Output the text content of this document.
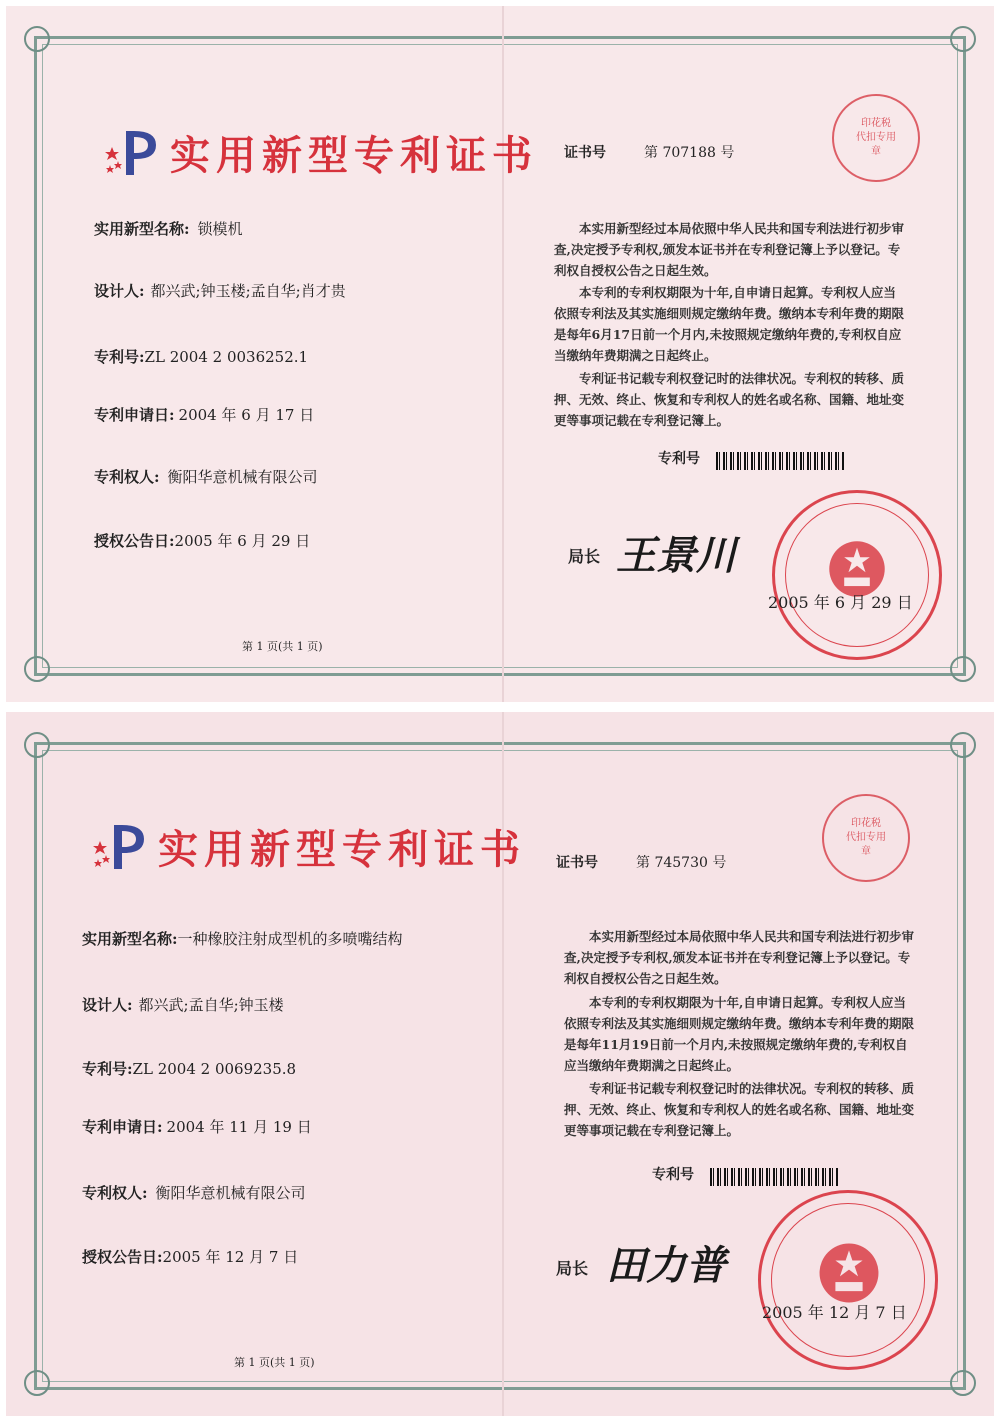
实用新型专利证书
实用新型名称: 锁模机
设计人: 都兴武;钟玉楼;孟自华;肖才贵
专利号:ZL 2004 2 0036252.1
专利申请日: 2004 年 6 月 17 日
专利权人: 衡阳华意机械有限公司
授权公告日:2005 年 6 月 29 日
第 1 页(共 1 页)
证书号	第 707188 号
印花税 代扣专用章
本实用新型经过本局依照中华人民共和国专利法进行初步审查,决定授予专利权,颁发本证书并在专利登记簿上予以登记。专利权自授权公告之日起生效。
本专利的专利权期限为十年,自申请日起算。专利权人应当依照专利法及其实施细则规定缴纳年费。缴纳本专利年费的期限是每年6月17日前一个月内,未按照规定缴纳年费的,专利权自应当缴纳年费期满之日起终止。
专利证书记载专利权登记时的法律状况。专利权的转移、质押、无效、终止、恢复和专利权人的姓名或名称、国籍、地址变更等事项记载在专利登记簿上。
专利号
局长 王景川
2005 年 6 月 29 日
实用新型专利证书
实用新型名称:一种橡胶注射成型机的多喷嘴结构
设计人: 都兴武;孟自华;钟玉楼
专利号:ZL 2004 2 0069235.8
专利申请日: 2004 年 11 月 19 日
专利权人: 衡阳华意机械有限公司
授权公告日:2005 年 12 月 7 日
第 1 页(共 1 页)
证书号	第 745730 号
印花税 代扣专用章
本实用新型经过本局依照中华人民共和国专利法进行初步审查,决定授予专利权,颁发本证书并在专利登记簿上予以登记。专利权自授权公告之日起生效。
本专利的专利权期限为十年,自申请日起算。专利权人应当依照专利法及其实施细则规定缴纳年费。缴纳本专利年费的期限是每年11月19日前一个月内,未按照规定缴纳年费的,专利权自应当缴纳年费期满之日起终止。
专利证书记载专利权登记时的法律状况。专利权的转移、质押、无效、终止、恢复和专利权人的姓名或名称、国籍、地址变更等事项记载在专利登记簿上。
专利号
局长 田力普
2005 年 12 月 7 日
